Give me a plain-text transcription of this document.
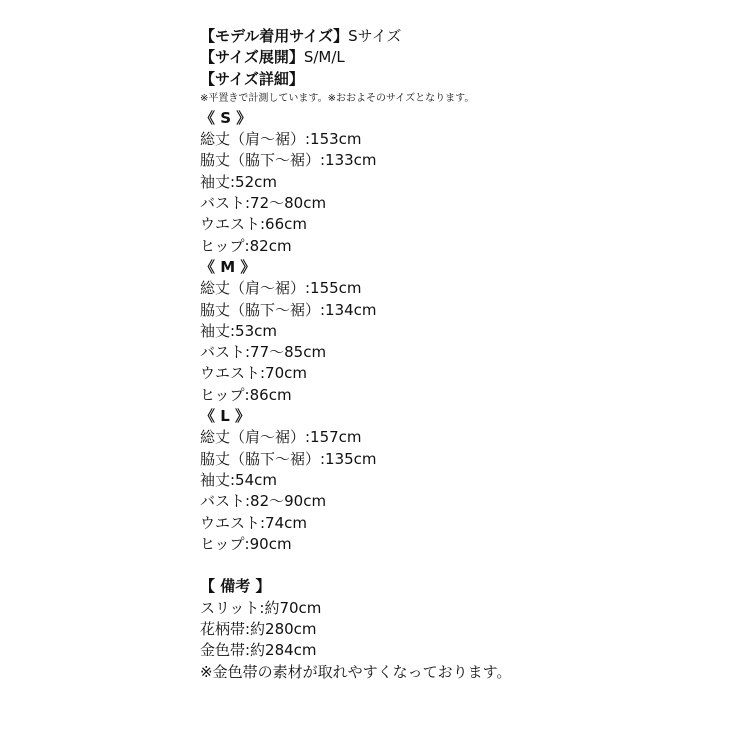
【モデル着用サイズ】Sサイズ
【サイズ展開】S/M/L
【サイズ詳細】
※平置きで計測しています。※おおよそのサイズとなります。
《 S 》
総丈（肩～裾）:153cm
脇丈（脇下～裾）:133cm
袖丈:52cm
バスト:72～80cm
ウエスト:66cm
ヒップ:82cm
《 M 》
総丈（肩～裾）:155cm
脇丈（脇下～裾）:134cm
袖丈:53cm
バスト:77～85cm
ウエスト:70cm
ヒップ:86cm
《 L 》
総丈（肩～裾）:157cm
脇丈（脇下～裾）:135cm
袖丈:54cm
バスト:82～90cm
ウエスト:74cm
ヒップ:90cm
【 備考 】
スリット:約70cm
花柄帯:約280cm
金色帯:約284cm
※金色帯の素材が取れやすくなっております。
